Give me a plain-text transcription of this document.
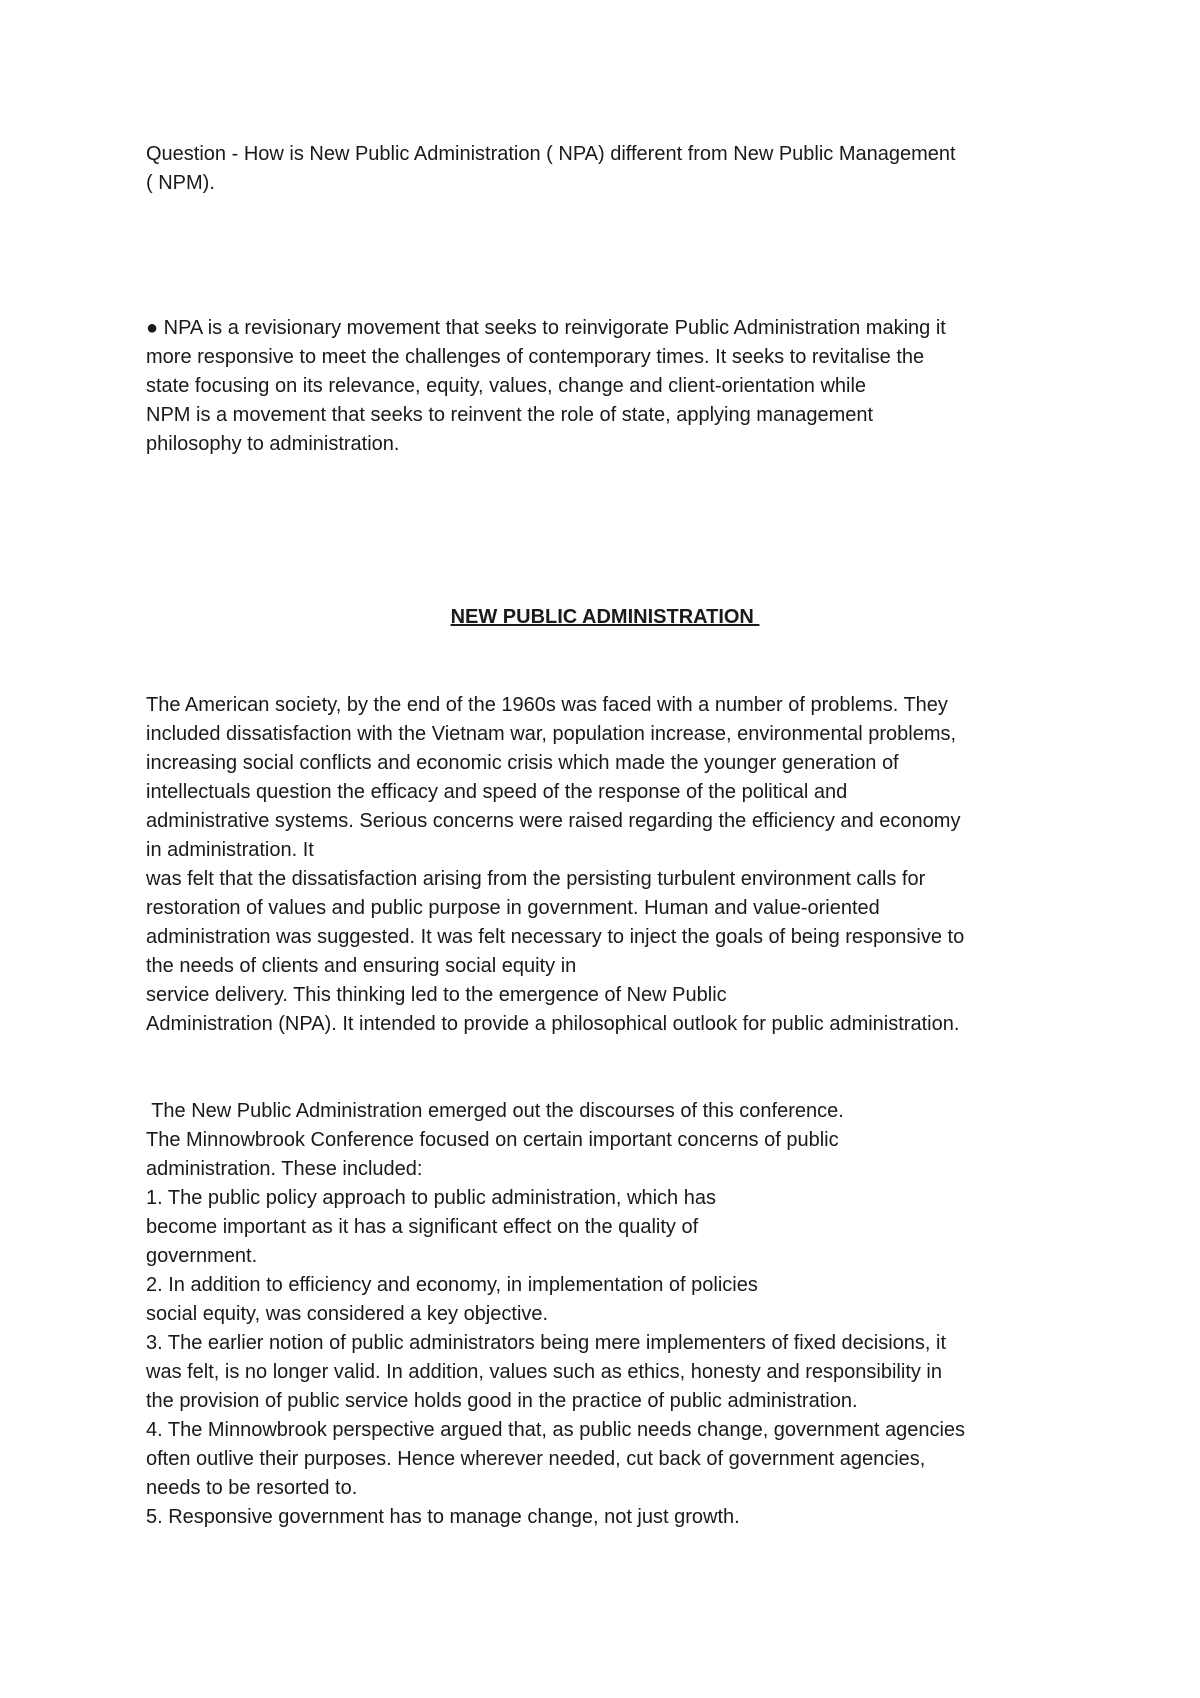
Question - How is New Public Administration ( NPA) different from New Public Management
( NPM).
● NPA is a revisionary movement that seeks to reinvigorate Public Administration making it
more responsive to meet the challenges of contemporary times. It seeks to revitalise the
state focusing on its relevance, equity, values, change and client-orientation while
NPM is a movement that seeks to reinvent the role of state, applying management
philosophy to administration.
NEW PUBLIC ADMINISTRATION
The American society, by the end of the 1960s was faced with a number of problems. They
included dissatisfaction with the Vietnam war, population increase, environmental problems,
increasing social conflicts and economic crisis which made the younger generation of
intellectuals question the efficacy and speed of the response of the political and
administrative systems. Serious concerns were raised regarding the efficiency and economy
in administration. It
was felt that the dissatisfaction arising from the persisting turbulent environment calls for
restoration of values and public purpose in government. Human and value-oriented
administration was suggested. It was felt necessary to inject the goals of being responsive to
the needs of clients and ensuring social equity in
service delivery. This thinking led to the emergence of New Public
Administration (NPA). It intended to provide a philosophical outlook for public administration.
The New Public Administration emerged out the discourses of this conference.
The Minnowbrook Conference focused on certain important concerns of public
administration. These included:
1. The public policy approach to public administration, which has
become important as it has a significant effect on the quality of
government.
2. In addition to efficiency and economy, in implementation of policies
social equity, was considered a key objective.
3. The earlier notion of public administrators being mere implementers of fixed decisions, it
was felt, is no longer valid. In addition, values such as ethics, honesty and responsibility in
the provision of public service holds good in the practice of public administration.
4. The Minnowbrook perspective argued that, as public needs change, government agencies
often outlive their purposes. Hence wherever needed, cut back of government agencies,
needs to be resorted to.
5. Responsive government has to manage change, not just growth.
